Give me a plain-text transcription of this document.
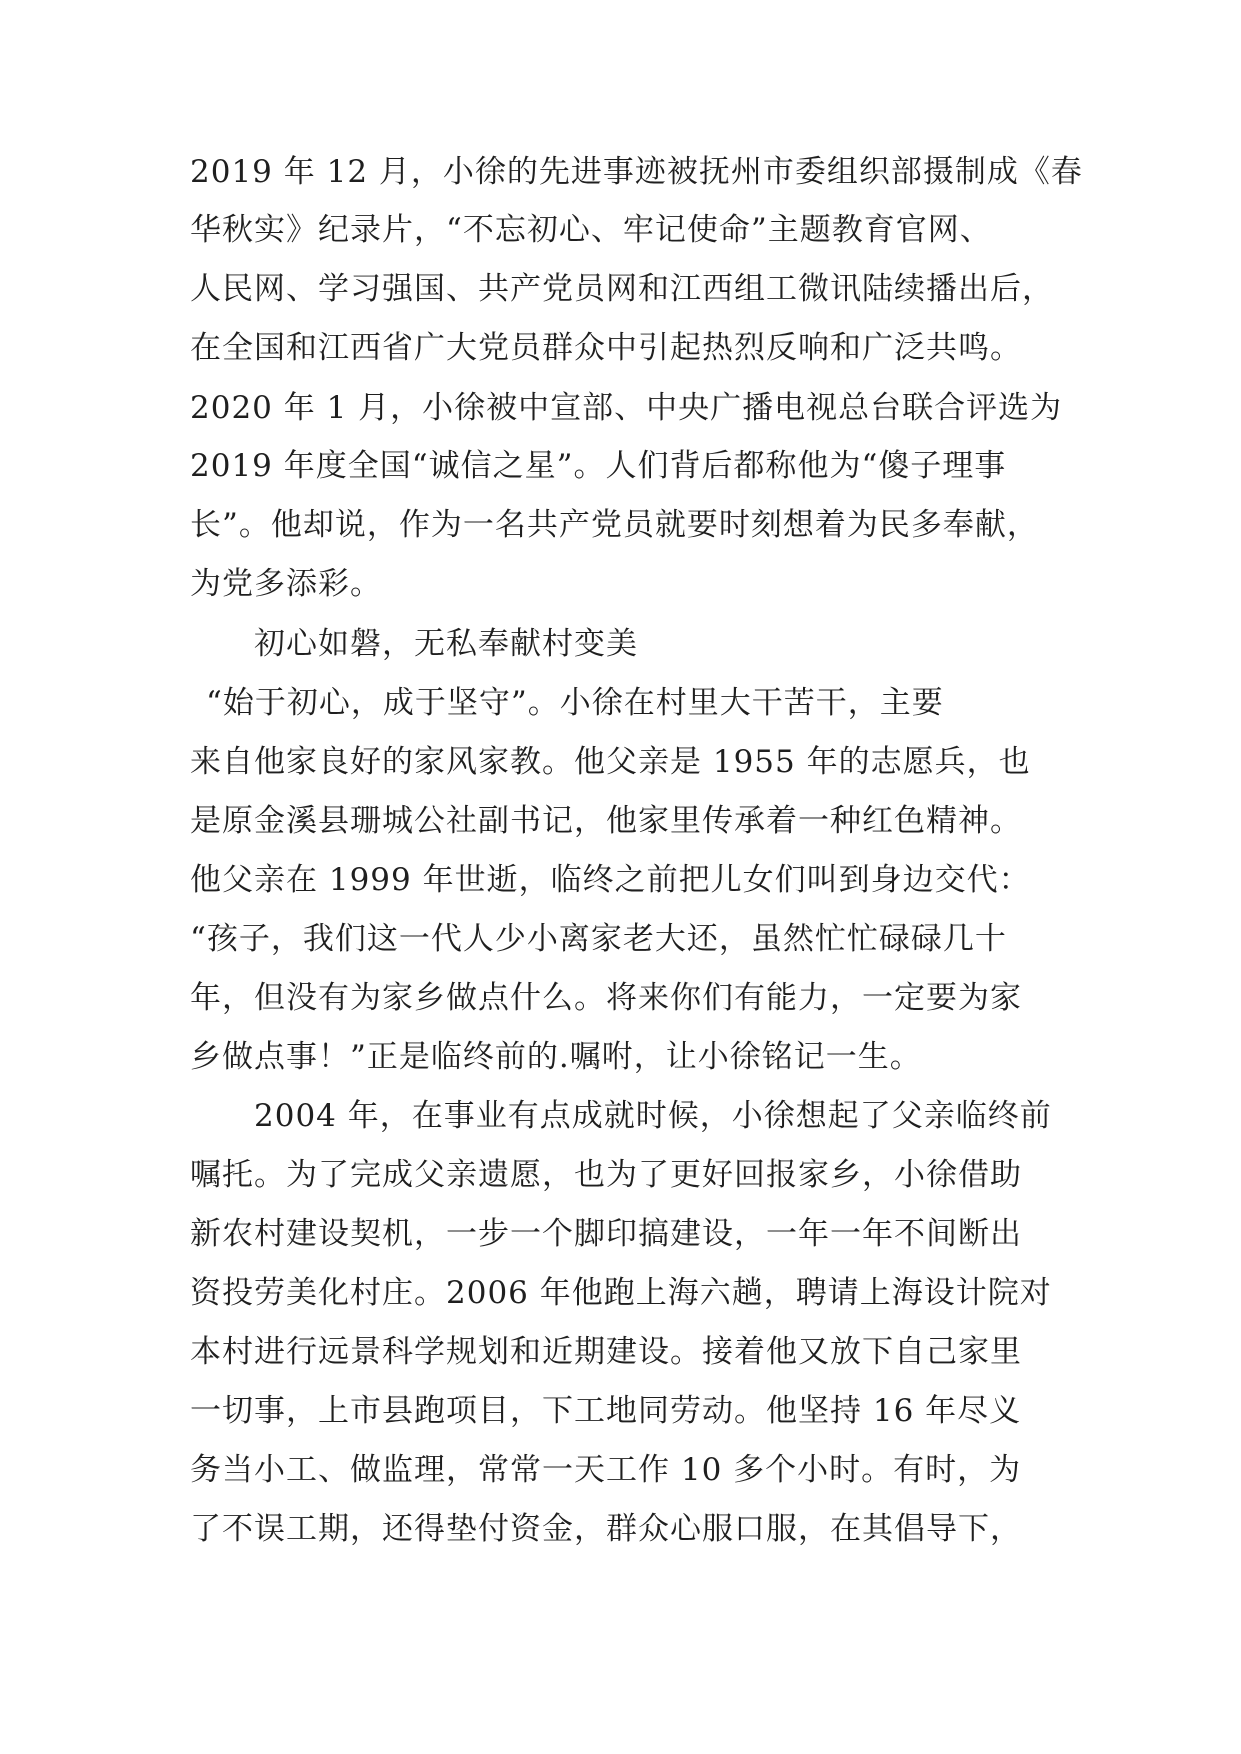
2019 年 12 月，小徐的先进事迹被抚州市委组织部摄制成《春
华秋实》纪录片，“不忘初心、牢记使命”主题教育官网、
人民网、学习强国、共产党员网和江西组工微讯陆续播出后，
在全国和江西省广大党员群众中引起热烈反响和广泛共鸣。
2020 年 1 月，小徐被中宣部、中央广播电视总台联合评选为
2019 年度全国“诚信之星”。人们背后都称他为“傻子理事
长”。他却说，作为一名共产党员就要时刻想着为民多奉献，
为党多添彩。
初心如磐，无私奉献村变美
“始于初心，成于坚守”。小徐在村里大干苦干，主要
来自他家良好的家风家教。他父亲是 1955 年的志愿兵，也
是原金溪县珊城公社副书记，他家里传承着一种红色精神。
他父亲在 1999 年世逝，临终之前把儿女们叫到身边交代：
“孩子，我们这一代人少小离家老大还，虽然忙忙碌碌几十
年，但没有为家乡做点什么。将来你们有能力，一定要为家
乡做点事！”正是临终前的.嘱咐，让小徐铭记一生。
2004 年，在事业有点成就时候，小徐想起了父亲临终前
嘱托。为了完成父亲遗愿，也为了更好回报家乡，小徐借助
新农村建设契机，一步一个脚印搞建设，一年一年不间断出
资投劳美化村庄。2006 年他跑上海六趟，聘请上海设计院对
本村进行远景科学规划和近期建设。接着他又放下自己家里
一切事，上市县跑项目，下工地同劳动。他坚持 16 年尽义
务当小工、做监理，常常一天工作 10 多个小时。有时，为
了不误工期，还得垫付资金，群众心服口服，在其倡导下，
